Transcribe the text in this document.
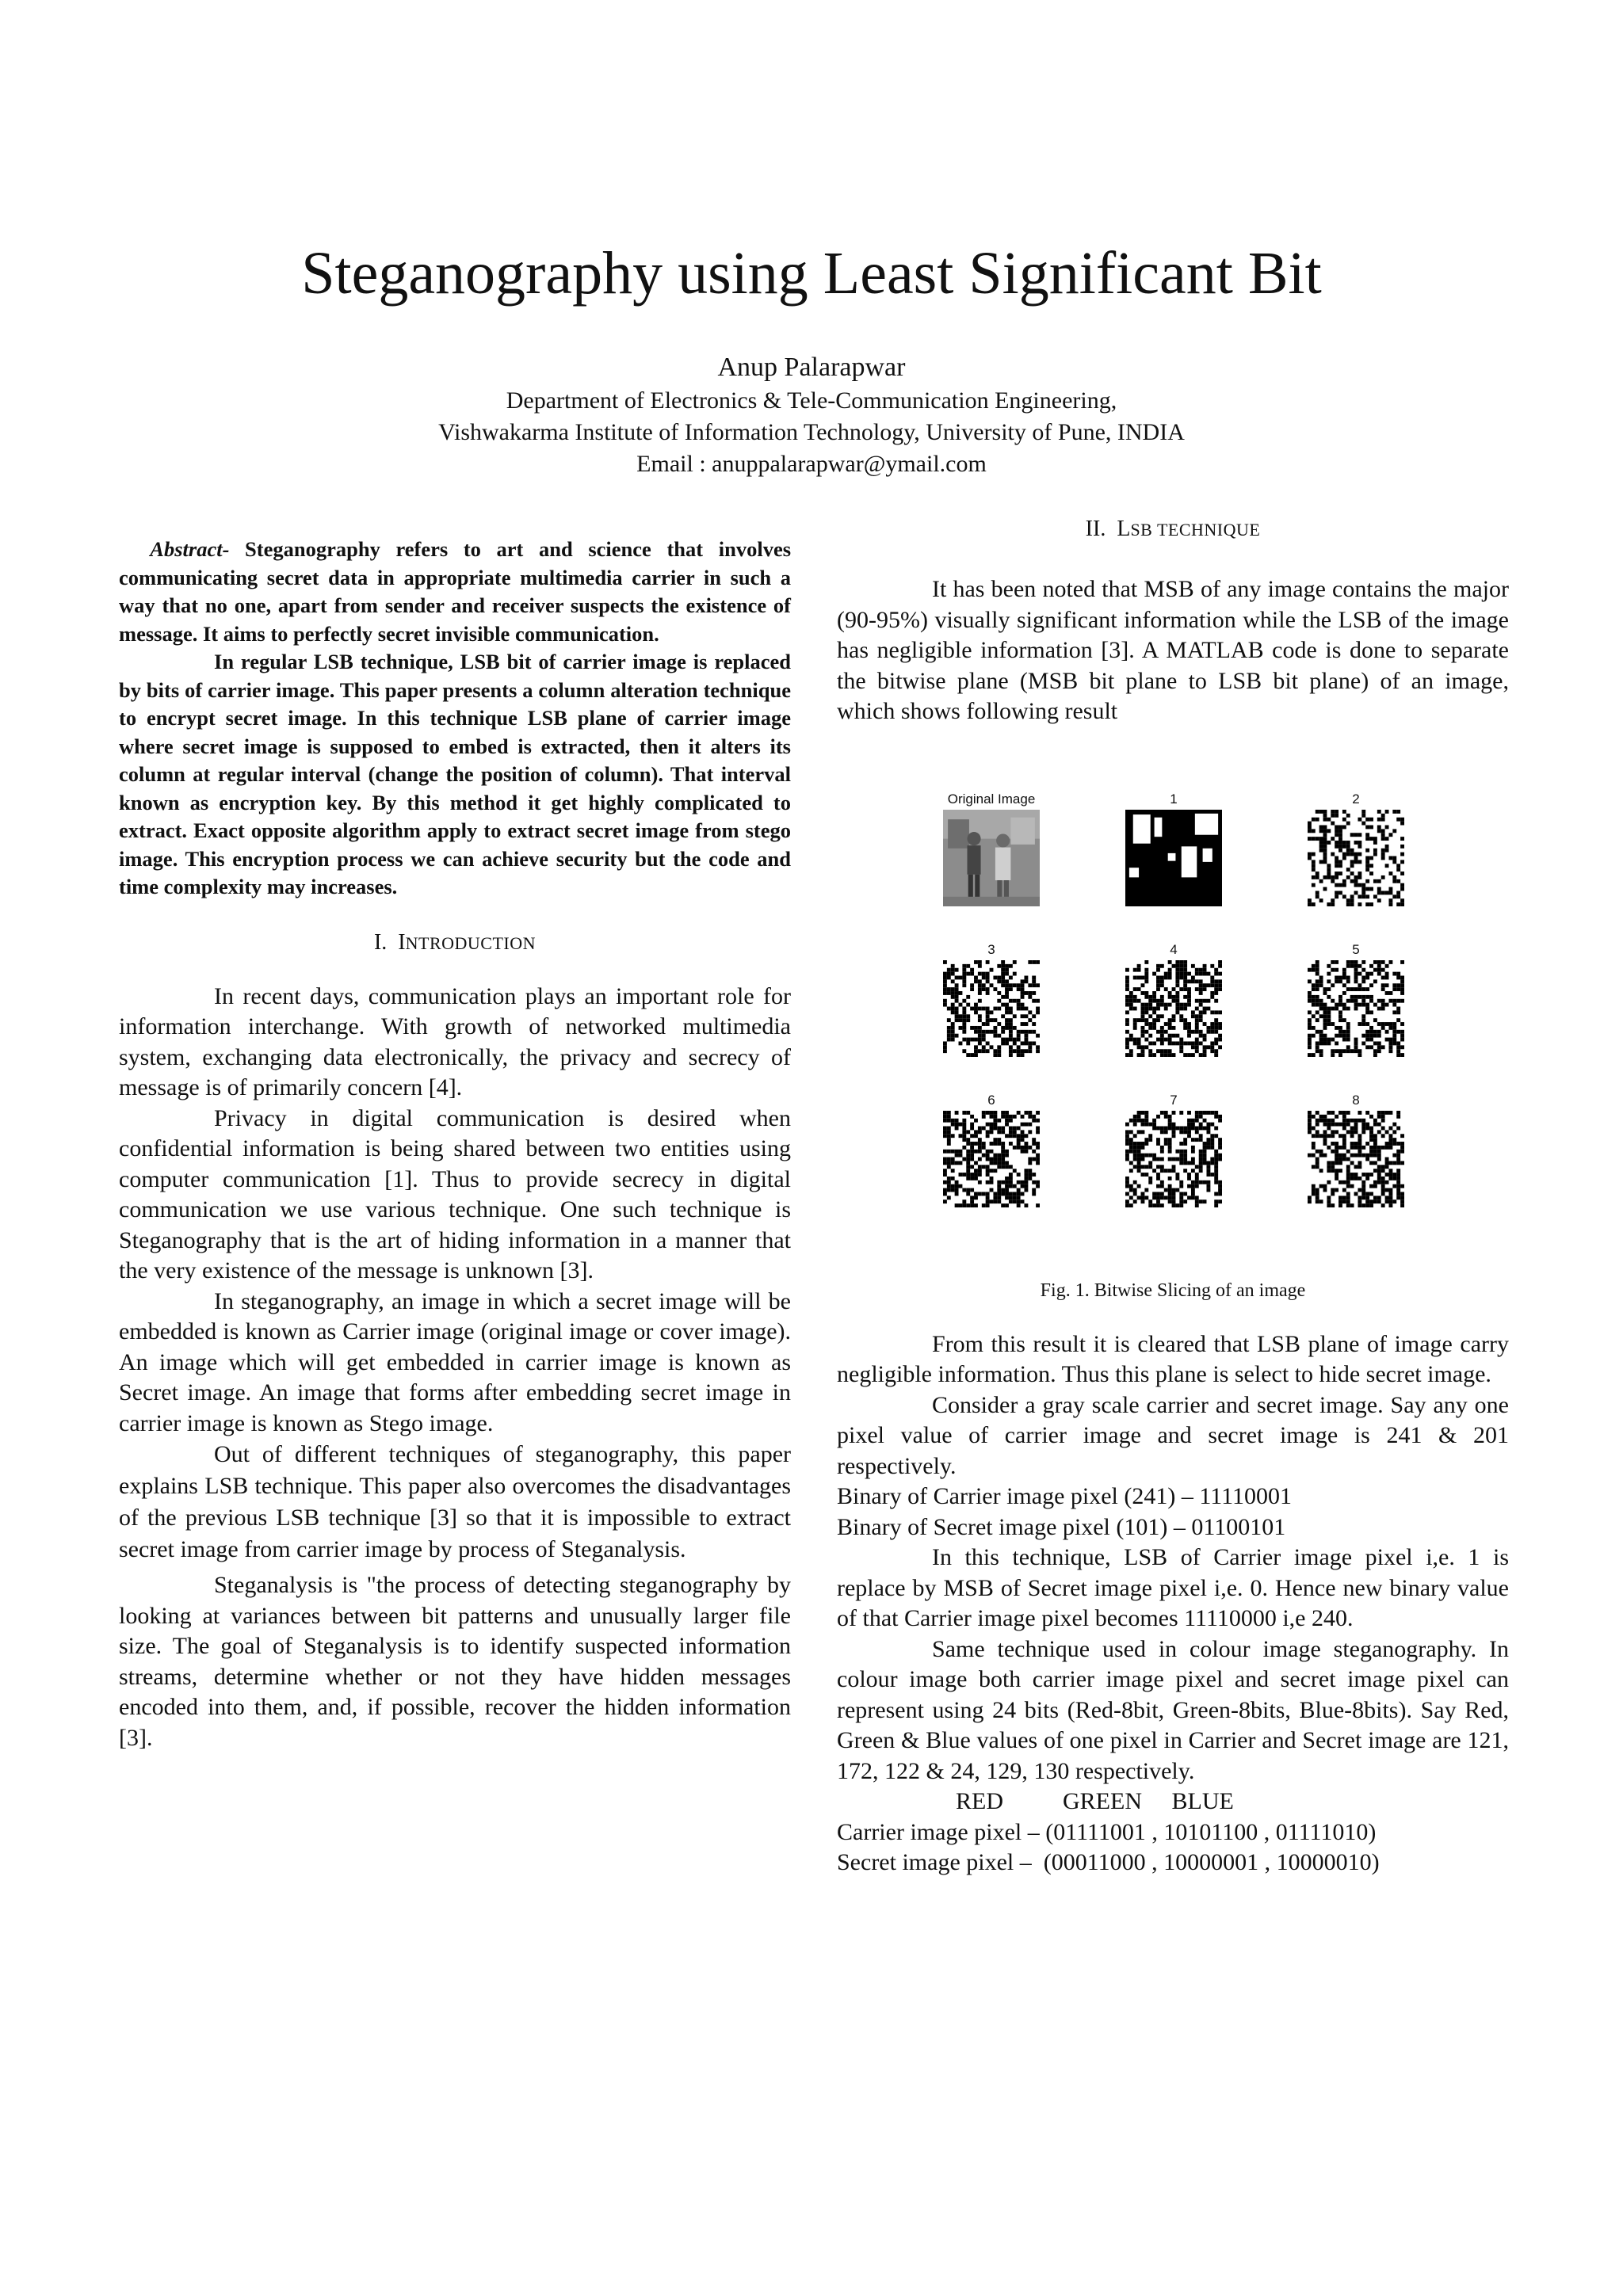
Steganography using Least Significant Bit
Anup Palarapwar
Department of Electronics & Tele-Communication Engineering,
Vishwakarma Institute of Information Technology, University of Pune, INDIA
Email : anuppalarapwar@ymail.com

Abstract- Steganography refers to art and science that involves communicating secret data in appropriate multimedia carrier in such a way that no one, apart from sender and receiver suspects the existence of message. It aims to perfectly secret invisible communication.

In regular LSB technique, LSB bit of carrier image is replaced by bits of carrier image. This paper presents a column alteration technique to encrypt secret image. In this technique LSB plane of carrier image where secret image is supposed to embed is extracted, then it alters its column at regular interval (change the position of column). That interval known as encryption key. By this method it get highly complicated to extract. Exact opposite algorithm apply to extract secret image from stego image. This encryption process we can achieve security but the code and time complexity may increases.

I. INTRODUCTION

In recent days, communication plays an important role for information interchange. With growth of networked multimedia system, exchanging data electronically, the privacy and secrecy of message is of primarily concern [4].

Privacy in digital communication is desired when confidential information is being shared between two entities using computer communication [1]. Thus to provide secrecy in digital communication we use various technique. One such technique is Steganography that is the art of hiding information in a manner that the very existence of the message is unknown [3].

In steganography, an image in which a secret image will be embedded is known as Carrier image (original image or cover image). An image which will get embedded in carrier image is known as Secret image. An image that forms after embedding secret image in carrier image is known as Stego image.

Out of different techniques of steganography, this paper explains LSB technique. This paper also overcomes the disadvantages of the previous LSB technique [3] so that it is impossible to extract secret image from carrier image by process of Steganalysis.

Steganalysis is "the process of detecting steganography by looking at variances between bit patterns and unusually larger file size. The goal of Steganalysis is to identify suspected information streams, determine whether or not they have hidden messages encoded into them, and, if possible, recover the hidden information [3].

II. LSB TECHNIQUE

It has been noted that MSB of any image contains the major (90-95%) visually significant information while the LSB of the image has negligible information [3]. A MATLAB code is done to separate the bitwise plane (MSB bit plane to LSB bit plane) of an image, which shows following result

Original Image	1	2
3	4	5
6	7	8
Fig. 1. Bitwise Slicing of an image

From this result it is cleared that LSB plane of image carry negligible information. Thus this plane is select to hide secret image.

Consider a gray scale carrier and secret image. Say any one pixel value of carrier image and secret image is 241 & 201 respectively.

Binary of Carrier image pixel (241) – 11110001

Binary of Secret image pixel (101) – 01100101

In this technique, LSB of Carrier image pixel i,e. 1 is replace by MSB of Secret image pixel i,e. 0. Hence new binary value of that Carrier image pixel becomes 11110000 i,e 240.

Same technique used in colour image steganography. In colour image both carrier image pixel and secret image pixel can represent using 24 bits (Red-8bit, Green-8bits, Blue-8bits). Say Red, Green & Blue values of one pixel in Carrier and Secret image are 121, 172, 122 & 24, 129, 130 respectively.

RED          GREEN     BLUE

Carrier image pixel – (01111001 , 10101100 , 01111010)

Secret image pixel –  (00011000 , 10000001 , 10000010)
